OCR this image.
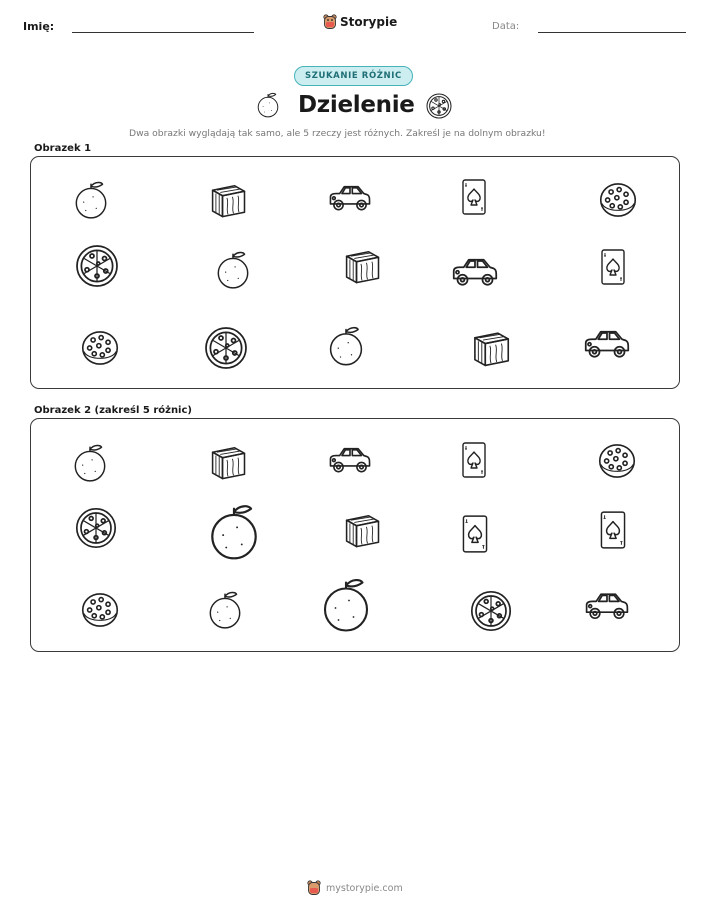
Imię:	Storypie	Data:
SZUKANIE RÓŻNIC
Dzielenie
Dwa obrazki wyglądają tak samo, ale 5 rzeczy jest różnych. Zakreśl je na dolnym obrazku!
Obrazek 1
Obrazek 2 (zakreśl 5 różnic)
mystorypie.com
